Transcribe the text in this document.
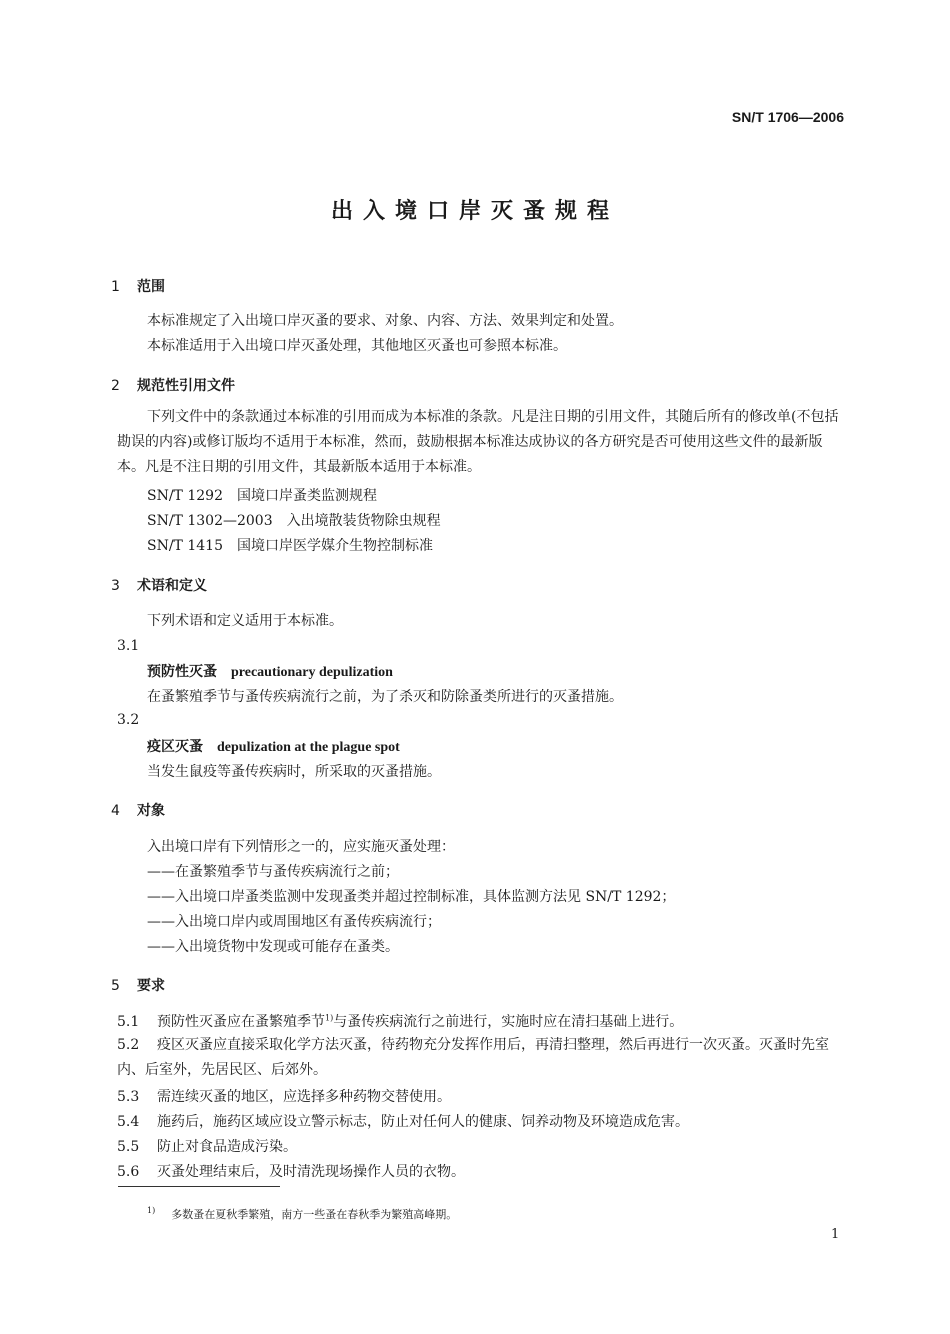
SN/T 1706—2006
出入境口岸灭蚤规程
1 范围
本标准规定了入出境口岸灭蚤的要求、对象、内容、方法、效果判定和处置。
本标准适用于入出境口岸灭蚤处理，其他地区灭蚤也可参照本标准。
2 规范性引用文件
下列文件中的条款通过本标准的引用而成为本标准的条款。凡是注日期的引用文件，其随后所有的修改单(不包括勘误的内容)或修订版均不适用于本标准，然而，鼓励根据本标准达成协议的各方研究是否可使用这些文件的最新版本。凡是不注日期的引用文件，其最新版本适用于本标准。
SN/T 1292　国境口岸蚤类监测规程
SN/T 1302—2003　入出境散装货物除虫规程
SN/T 1415　国境口岸医学媒介生物控制标准
3 术语和定义
下列术语和定义适用于本标准。
3.1
预防性灭蚤 precautionary depulization
在蚤繁殖季节与蚤传疾病流行之前，为了杀灭和防除蚤类所进行的灭蚤措施。
3.2
疫区灭蚤 depulization at the plague spot
当发生鼠疫等蚤传疾病时，所采取的灭蚤措施。
4 对象
入出境口岸有下列情形之一的，应实施灭蚤处理：
——在蚤繁殖季节与蚤传疾病流行之前；
——入出境口岸蚤类监测中发现蚤类并超过控制标准，具体监测方法见 SN/T 1292；
——入出境口岸内或周围地区有蚤传疾病流行；
——入出境货物中发现或可能存在蚤类。
5 要求
5.1 预防性灭蚤应在蚤繁殖季节$^{1)}$与蚤传疾病流行之前进行，实施时应在清扫基础上进行。
5.2 疫区灭蚤应直接采取化学方法灭蚤，待药物充分发挥作用后，再清扫整理，然后再进行一次灭蚤。灭蚤时先室内、后室外，先居民区、后郊外。
5.3 需连续灭蚤的地区，应选择多种药物交替使用。
5.4 施药后，施药区域应设立警示标志，防止对任何人的健康、饲养动物及环境造成危害。
5.5 防止对食品造成污染。
5.6 灭蚤处理结束后，及时清洗现场操作人员的衣物。
$^{1)}$ 多数蚤在夏秋季繁殖，南方一些蚤在春秋季为繁殖高峰期。
1
